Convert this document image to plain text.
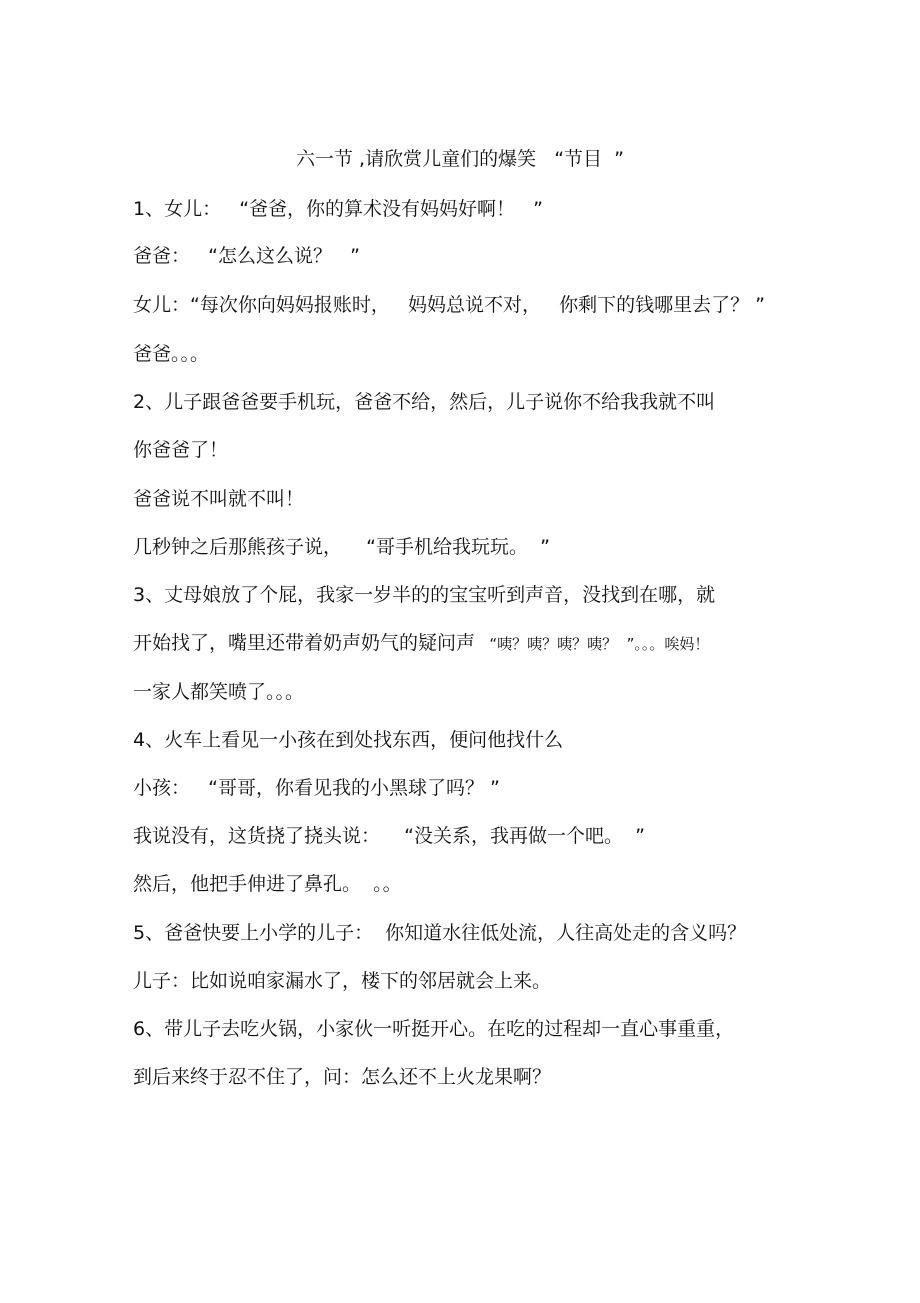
六一节 ,请欣赏儿童们的爆笑   “节目  ”
1、女儿：   “爸爸，你的算术没有妈妈好啊！   ”
爸爸：   “怎么这么说？   ”
女儿：“每次你向妈妈报账时，   妈妈总说不对，   你剩下的钱哪里去了？ ”
爸爸。。。
2、儿子跟爸爸要手机玩，爸爸不给，然后，儿子说你不给我我就不叫
你爸爸了！
爸爸说不叫就不叫！
几秒钟之后那熊孩子说，    “哥手机给我玩玩。  ”
3、丈母娘放了个屁，我家一岁半的的宝宝听到声音，没找到在哪，就
开始找了，嘴里还带着奶声奶气的疑问声   “咦？咦？咦？咦？  ”。。。唉妈！
一家人都笑喷了。。。
4、火车上看见一小孩在到处找东西，便问他找什么
小孩：   “哥哥，你看见我的小黑球了吗？ ”
我说没有，这货挠了挠头说：    “没关系，我再做一个吧。  ”
然后，他把手伸进了鼻孔。  。。
5、爸爸快要上小学的儿子：  你知道水往低处流，人往高处走的含义吗？
儿子：比如说咱家漏水了，楼下的邻居就会上来。
6、带儿子去吃火锅，小家伙一听挺开心。在吃的过程却一直心事重重，
到后来终于忍不住了，问：怎么还不上火龙果啊？
